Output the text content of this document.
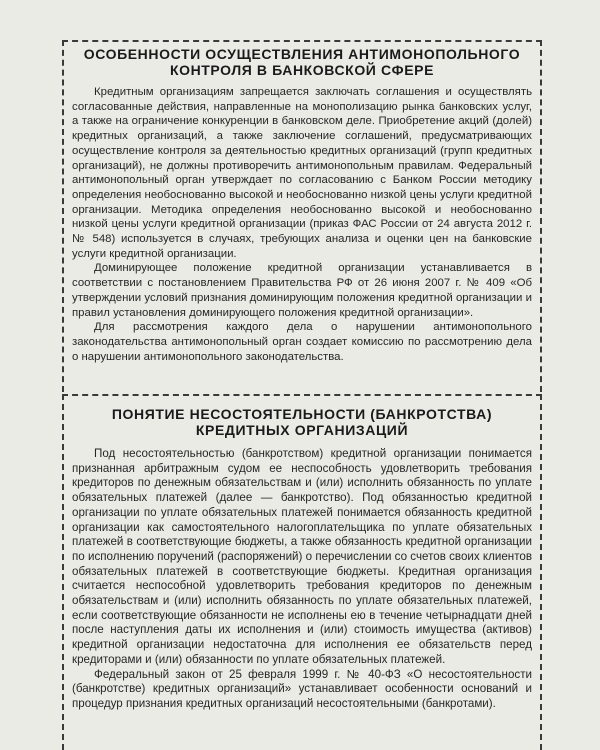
ОСОБЕННОСТИ ОСУЩЕСТВЛЕНИЯ АНТИМОНОПОЛЬНОГО КОНТРОЛЯ В БАНКОВСКОЙ СФЕРЕ

Кредитным организациям запрещается заключать соглашения и осуществлять согласованные действия, направленные на монополизацию рынка банковских услуг, а также на ограничение конкуренции в банковском деле. Приобретение акций (долей) кредитных организаций, а также заключение соглашений, предусматривающих осуществление контроля за деятельностью кредитных организаций (групп кредитных организаций), не должны противоречить антимонопольным правилам. Федеральный антимонопольный орган утверждает по согласованию с Банком России методику определения необоснованно высокой и необоснованно низкой цены услуги кредитной организации. Методика определения необоснованно высокой и необоснованно низкой цены услуги кредитной организации (приказ ФАС России от 24 августа 2012 г. № 548) используется в случаях, требующих анализа и оценки цен на банковские услуги кредитной организации.

Доминирующее положение кредитной организации устанавливается в соответствии с постановлением Правительства РФ от 26 июня 2007 г. № 409 «Об утверждении условий признания доминирующим положения кредитной организации и правил установления доминирующего положения кредитной организации».

Для рассмотрения каждого дела о нарушении антимонопольного законодательства антимонопольный орган создает комиссию по рассмотрению дела о нарушении антимонопольного законодательства.

ПОНЯТИЕ НЕСОСТОЯТЕЛЬНОСТИ (БАНКРОТСТВА) КРЕДИТНЫХ ОРГАНИЗАЦИЙ

Под несостоятельностью (банкротством) кредитной организации понимается признанная арбитражным судом ее неспособность удовлетворить требования кредиторов по денежным обязательствам и (или) исполнить обязанность по уплате обязательных платежей (далее — банкротство). Под обязанностью кредитной организации по уплате обязательных платежей понимается обязанность кредитной организации как самостоятельного налогоплательщика по уплате обязательных платежей в соответствующие бюджеты, а также обязанность кредитной организации по исполнению поручений (распоряжений) о перечислении со счетов своих клиентов обязательных платежей в соответствующие бюджеты. Кредитная организация считается неспособной удовлетворить требования кредиторов по денежным обязательствам и (или) исполнить обязанность по уплате обязательных платежей, если соответствующие обязанности не исполнены ею в течение четырнадцати дней после наступления даты их исполнения и (или) стоимость имущества (активов) кредитной организации недостаточна для исполнения ее обязательств перед кредиторами и (или) обязанности по уплате обязательных платежей.

Федеральный закон от 25 февраля 1999 г. № 40-ФЗ «О несостоятельности (банкротстве) кредитных организаций» устанавливает особенности оснований и процедур признания кредитных организаций несостоятельными (банкротами).
